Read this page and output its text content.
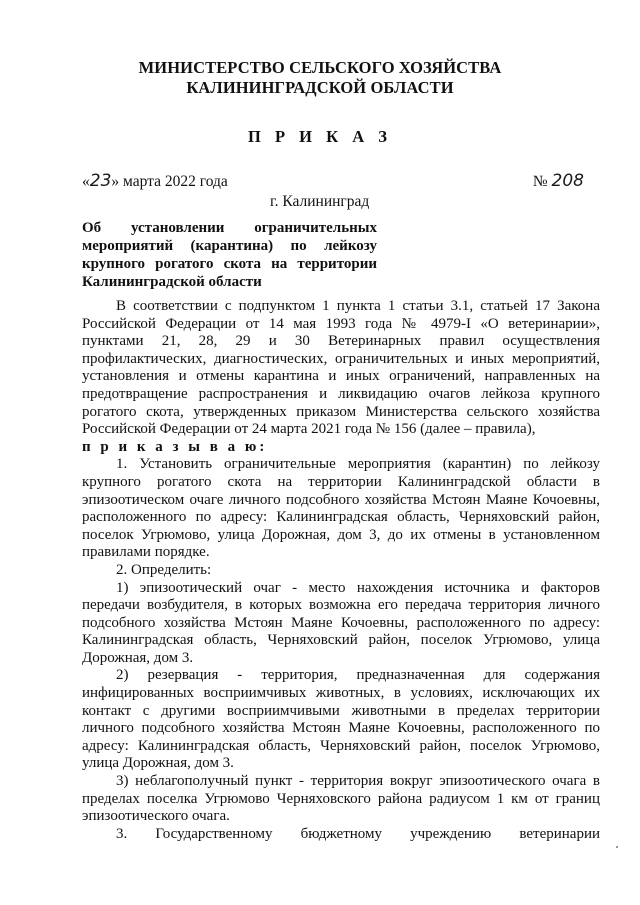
МИНИСТЕРСТВО СЕЛЬСКОГО ХОЗЯЙСТВА
КАЛИНИНГРАДСКОЙ ОБЛАСТИ
П Р И К А З
«23» марта 2022 года	№ 208
г. Калининград
Об установлении ограничительных мероприятий (карантина) по лейкозу крупного рогатого скота на территории Калининградской области

В соответствии с подпунктом 1 пункта 1 статьи 3.1, статьей 17 Закона Российской Федерации от 14 мая 1993 года № 4979-I «О ветеринарии», пунктами 21, 28, 29 и 30 Ветеринарных правил осуществления профилактических, диагностических, ограничительных и иных мероприятий, установления и отмены карантина и иных ограничений, направленных на предотвращение распространения и ликвидацию очагов лейкоза крупного рогатого скота, утвержденных приказом Министерства сельского хозяйства Российской Федерации от 24 марта 2021 года № 156 (далее – правила),

п р и к а з ы в а ю:

1. Установить ограничительные мероприятия (карантин) по лейкозу крупного рогатого скота на территории Калининградской области в эпизоотическом очаге личного подсобного хозяйства Мстоян Маяне Кочоевны, расположенного по адресу: Калининградская область, Черняховский район, поселок Угрюмово, улица Дорожная, дом 3, до их отмены в установленном правилами порядке.

2. Определить:

1) эпизоотический очаг - место нахождения источника и факторов передачи возбудителя, в которых возможна его передача территория личного подсобного хозяйства Мстоян Маяне Кочоевны, расположенного по адресу: Калининградская область, Черняховский район, поселок Угрюмово, улица Дорожная, дом 3.

2) резервация - территория, предназначенная для содержания инфицированных восприимчивых животных, в условиях, исключающих их контакт с другими восприимчивыми животными в пределах территории личного подсобного хозяйства Мстоян Маяне Кочоевны, расположенного по адресу: Калининградская область, Черняховский район, поселок Угрюмово, улица Дорожная, дом 3.

3) неблагополучный пункт - территория вокруг эпизоотического очага в пределах поселка Угрюмово Черняховского района радиусом 1 км от границ эпизоотического очага.

3. Государственному бюджетному учреждению ветеринарии
